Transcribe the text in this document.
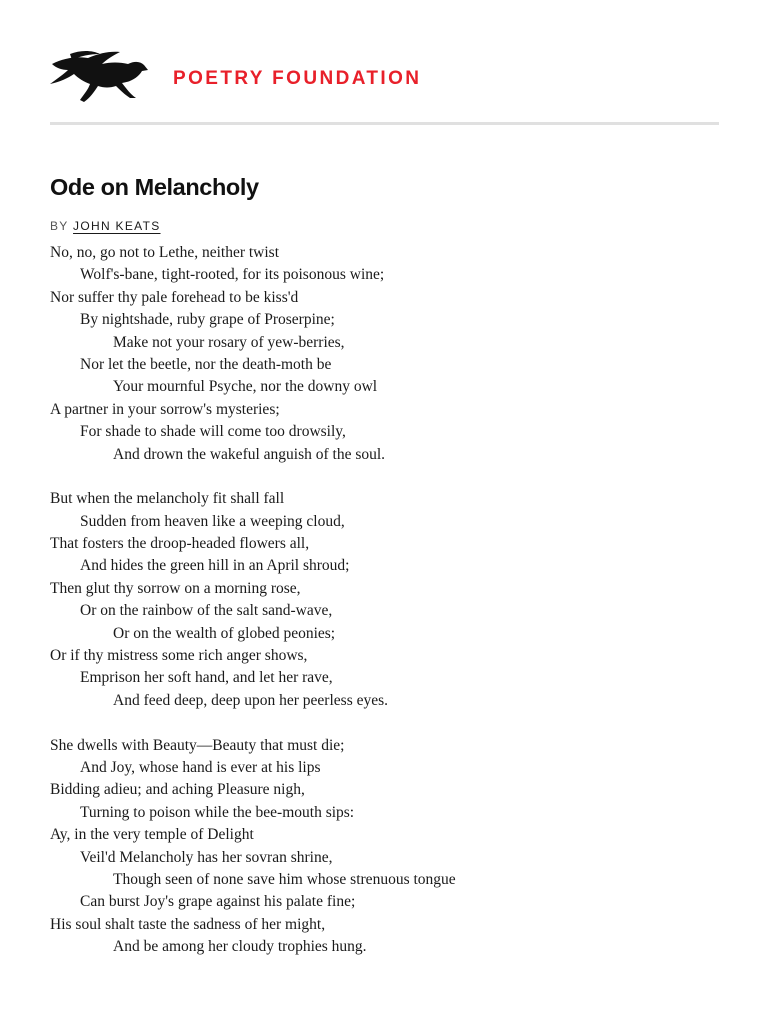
POETRY FOUNDATION
Ode on Melancholy
BY JOHN KEATS
No, no, go not to Lethe, neither twist
Wolf's-bane, tight-rooted, for its poisonous wine;
Nor suffer thy pale forehead to be kiss'd
By nightshade, ruby grape of Proserpine;
Make not your rosary of yew-berries,
Nor let the beetle, nor the death-moth be
Your mournful Psyche, nor the downy owl
A partner in your sorrow's mysteries;
For shade to shade will come too drowsily,
And drown the wakeful anguish of the soul.
But when the melancholy fit shall fall
Sudden from heaven like a weeping cloud,
That fosters the droop-headed flowers all,
And hides the green hill in an April shroud;
Then glut thy sorrow on a morning rose,
Or on the rainbow of the salt sand-wave,
Or on the wealth of globed peonies;
Or if thy mistress some rich anger shows,
Emprison her soft hand, and let her rave,
And feed deep, deep upon her peerless eyes.
She dwells with Beauty—Beauty that must die;
And Joy, whose hand is ever at his lips
Bidding adieu; and aching Pleasure nigh,
Turning to poison while the bee-mouth sips:
Ay, in the very temple of Delight
Veil'd Melancholy has her sovran shrine,
Though seen of none save him whose strenuous tongue
Can burst Joy's grape against his palate fine;
His soul shalt taste the sadness of her might,
And be among her cloudy trophies hung.
